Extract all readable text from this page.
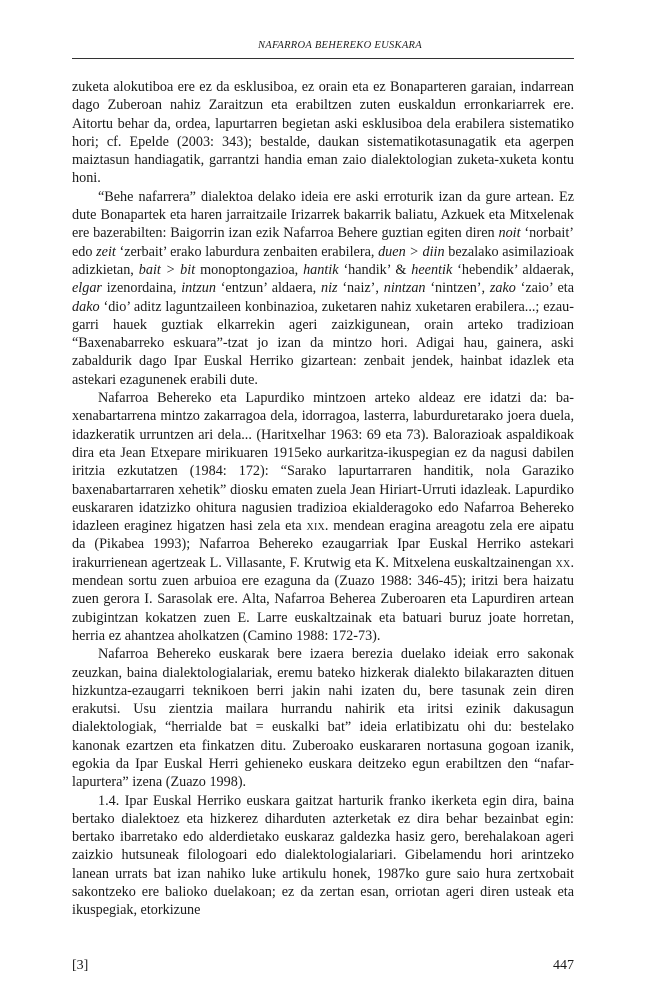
NAFARROA BEHEREKO EUSKARA

zuketa alokutiboa ere ez da esklusiboa, ez orain eta ez Bonaparteren garaian, indarrean dago Zuberoan nahiz Zaraitzun eta erabiltzen zuten euskaldun erronkariarrek ere. Aitortu behar da, ordea, lapurtarren begietan aski esklusiboa dela erabilera sistematiko hori; cf. Epelde (2003: 343); bestalde, daukan sistematikotasunagatik eta agerpen maiztasun handiagatik, garrantzi handia eman zaio dialektologian zuketa-xuketa kontu honi.

“Behe nafarrera” dialektoa delako ideia ere aski erroturik izan da gure artean. Ez dute Bonapartek eta haren jarraitzaile Irizarrek bakarrik baliatu, Azkuek eta Mitxelenak ere bazerabilten: Baigorrin izan ezik Nafarroa Behere guztian egiten diren noit ‘norbait’ edo zeit ‘zerbait’ erako laburdura zenbaiten erabilera, duen > diin bezalako asimilazioak adizkietan, bait > bit monoptongazioa, hantik ‘handik’ & heentik ‘hebendik’ aldaerak, elgar izenordaina, intzun ‘entzun’ aldaera, niz ‘naiz’, nintzan ‘nintzen’, zako ‘zaio’ eta dako ‘dio’ aditz laguntzaileen konbinazioa, zuketaren nahiz xuketaren erabilera...; ezaugarri hauek guztiak elkarrekin ageri zaizkigunean, orain arteko tradizioan “Baxenabarreko eskuara”-tzat jo izan da mintzo hori. Adigai hau, gainera, aski zabaldurik dago Ipar Euskal Herriko gizartean: zenbait jendek, hainbat idazlek eta astekari ezagunenek erabili dute.

Nafarroa Behereko eta Lapurdiko mintzoen arteko aldeaz ere idatzi da: baxenabartarrena mintzo zakarragoa dela, idorragoa, lasterra, laburduretarako joera duela, idazkeratik urruntzen ari dela... (Haritxelhar 1963: 69 eta 73). Balorazioak aspaldikoak dira eta Jean Etxepare mirikuaren 1915eko aurkaritza-ikuspegian ez da nagusi dabilen iritzia ezkutatzen (1984: 172): “Sarako lapurtarraren handitik, nola Garaziko baxenabartarraren xehetik” diosku ematen zuela Jean Hiriart-Urruti idazleak. Lapurdiko euskararen idatzizko ohitura nagusien tradizioa ekialderagoko edo Nafarroa Behereko idazleen eraginez higatzen hasi zela eta xix. mendean eragina areagotu zela ere aipatu da (Pikabea 1993); Nafarroa Behereko ezaugarriak Ipar Euskal Herriko astekari irakurrienean agertzeak L. Villasante, F. Krutwig eta K. Mitxelena euskaltzainengan xx. mendean sortu zuen arbuioa ere ezaguna da (Zuazo 1988: 346-45); iritzi bera haizatu zuen gerora I. Sarasolak ere. Alta, Nafarroa Beherea Zuberoaren eta Lapurdiren artean zubigintzan kokatzen zuen E. Larre euskaltzainak eta batuari buruz joate horretan, herria ez ahantzea aholkatzen (Camino 1988: 172-73).

Nafarroa Behereko euskarak bere izaera berezia duelako ideiak erro sakonak zeuzkan, baina dialektologialariak, eremu bateko hizkerak dialekto bilakarazten dituen hizkuntza-ezaugarri teknikoen berri jakin nahi izaten du, bere tasunak zein diren erakutsi. Usu zientzia mailara hurrandu nahirik eta iritsi ezinik dakusagun dialektologiak, “herrialde bat = euskalki bat” ideia erlatibizatu ohi du: bestelako kanonak ezartzen eta finkatzen ditu. Zuberoako euskararen nortasuna gogoan izanik, egokia da Ipar Euskal Herri gehieneko euskara deitzeko egun erabiltzen den “nafar-lapurtera” izena (Zuazo 1998).

1.4. Ipar Euskal Herriko euskara gaitzat harturik franko ikerketa egin dira, baina bertako dialektoez eta hizkerez diharduten azterketak ez dira behar bezainbat egin: bertako ibarretako edo alderdietako euskaraz galdezka hasiz gero, berehalakoan ageri zaizkio hutsuneak filologoari edo dialektologialariari. Gibelamendu hori arintzeko lanean urrats bat izan nahiko luke artikulu honek, 1987ko gure saio hura zertxobait sakontzeko ere balioko duelakoan; ez da zertan esan, orriotan ageri diren usteak eta ikuspegiak, etorkizune

[3]	447
